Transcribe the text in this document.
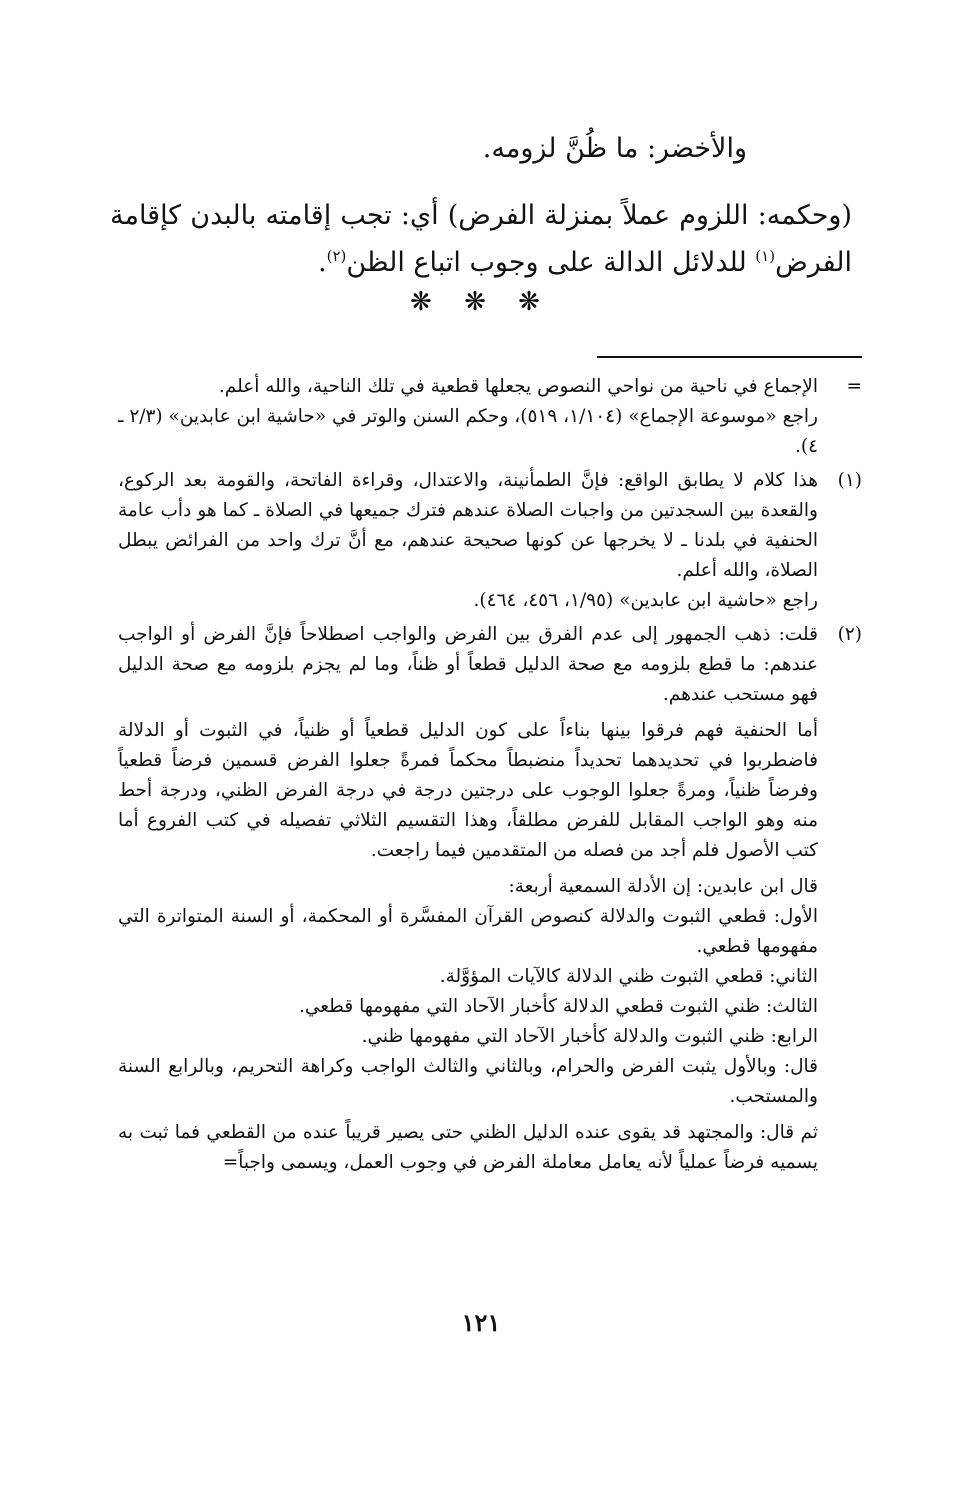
والأخضر: ما ظُنَّ لزومه.

(وحكمه: اللزوم عملاً بمنزلة الفرض) أي: تجب إقامته بالبدن كإقامة الفرض$^{(١)}$ للدلائل الدالة على وجوب اتباع الظن$^{(٢)}$.

❋ ❋ ❋
=

الإجماع في ناحية من نواحي النصوص يجعلها قطعية في تلك الناحية، والله أعلم.

راجع «موسوعة الإجماع» (١/١٠٤، ٥١٩)، وحكم السنن والوتر في «حاشية ابن عابدين» (٢/٣ ـ ٤).

(١)

هذا كلام لا يطابق الواقع: فإنَّ الطمأنينة، والاعتدال، وقراءة الفاتحة، والقومة بعد الركوع، والقعدة بين السجدتين من واجبات الصلاة عندهم فترك جميعها في الصلاة ـ كما هو دأب عامة الحنفية في بلدنا ـ لا يخرجها عن كونها صحيحة عندهم، مع أنَّ ترك واحد من الفرائض يبطل الصلاة، والله أعلم.

راجع «حاشية ابن عابدين» (١/٩٥، ٤٥٦، ٤٦٤).

(٢)

قلت: ذهب الجمهور إلى عدم الفرق بين الفرض والواجب اصطلاحاً فإنَّ الفرض أو الواجب عندهم: ما قطع بلزومه مع صحة الدليل قطعاً أو ظناً، وما لم يجزم بلزومه مع صحة الدليل فهو مستحب عندهم.

أما الحنفية فهم فرقوا بينها بناءاً على كون الدليل قطعياً أو ظنياً، في الثبوت أو الدلالة فاضطربوا في تحديدهما تحديداً منضبطاً محكماً فمرةً جعلوا الفرض قسمين فرضاً قطعياً وفرضاً ظنياً، ومرةً جعلوا الوجوب على درجتين درجة في درجة الفرض الظني، ودرجة أحط منه وهو الواجب المقابل للفرض مطلقاً، وهذا التقسيم الثلاثي تفصيله في كتب الفروع أما كتب الأصول فلم أجد من فصله من المتقدمين فيما راجعت.

قال ابن عابدين: إن الأدلة السمعية أربعة:

الأول: قطعي الثبوت والدلالة كنصوص القرآن المفسَّرة أو المحكمة، أو السنة المتواترة التي مفهومها قطعي.

الثاني: قطعي الثبوت ظني الدلالة كالآيات المؤوَّلة.

الثالث: ظني الثبوت قطعي الدلالة كأخبار الآحاد التي مفهومها قطعي.

الرابع: ظني الثبوت والدلالة كأخبار الآحاد التي مفهومها ظني.

قال: وبالأول يثبت الفرض والحرام، وبالثاني والثالث الواجب وكراهة التحريم، وبالرابع السنة والمستحب.

ثم قال: والمجتهد قد يقوى عنده الدليل الظني حتى يصير قريباً عنده من القطعي فما ثبت به يسميه فرضاً عملياً لأنه يعامل معاملة الفرض في وجوب العمل، ويسمى واجباً=

١٢١
